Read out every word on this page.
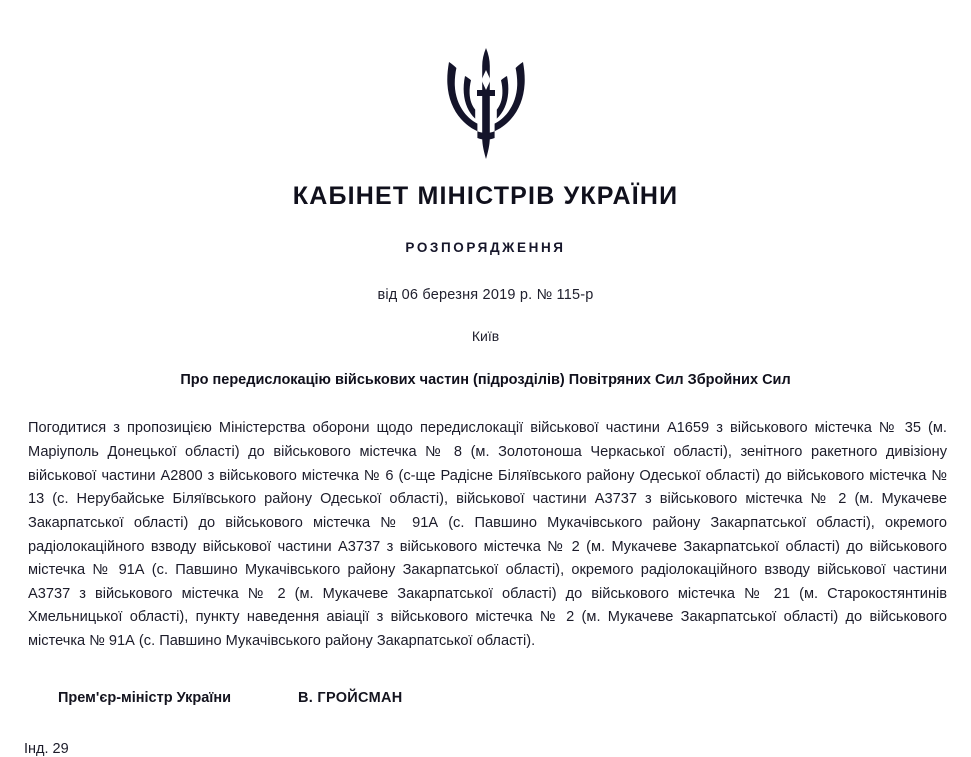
КАБІНЕТ МІНІСТРІВ УКРАЇНИ
РОЗПОРЯДЖЕННЯ
від 06 березня 2019 р. № 115-р
Київ
Про передислокацію військових частин (підрозділів) Повітряних Сил Збройних Сил

Погодитися з пропозицією Міністерства оборони щодо передислокації військової частини А1659 з військового містечка № 35 (м. Маріуполь Донецької області) до військового містечка № 8 (м. Золотоноша Черкаської області), зенітного ракетного дивізіону військової частини А2800 з військового містечка № 6 (с-ще Радісне Біляївського району Одеської області) до військового містечка № 13 (с. Нерубайське Біляївського району Одеської області), військової частини А3737 з військового містечка № 2 (м. Мукачеве Закарпатської області) до військового містечка № 91А (с. Павшино Мукачівського району Закарпатської області), окремого радіолокаційного взводу військової частини А3737 з військового містечка № 2 (м. Мукачеве Закарпатської області) до військового містечка № 91А (с. Павшино Мукачівського району Закарпатської області), окремого радіолокаційного взводу військової частини А3737 з військового містечка № 2 (м. Мукачеве Закарпатської області) до військового містечка № 21 (м. Старокостянтинів Хмельницької області), пункту наведення авіації з військового містечка № 2 (м. Мукачеве Закарпатської області) до військового містечка № 91А (с. Павшино Мукачівського району Закарпатської області).

Прем'єр-міністр України	В. ГРОЙСМАН
Інд. 29
